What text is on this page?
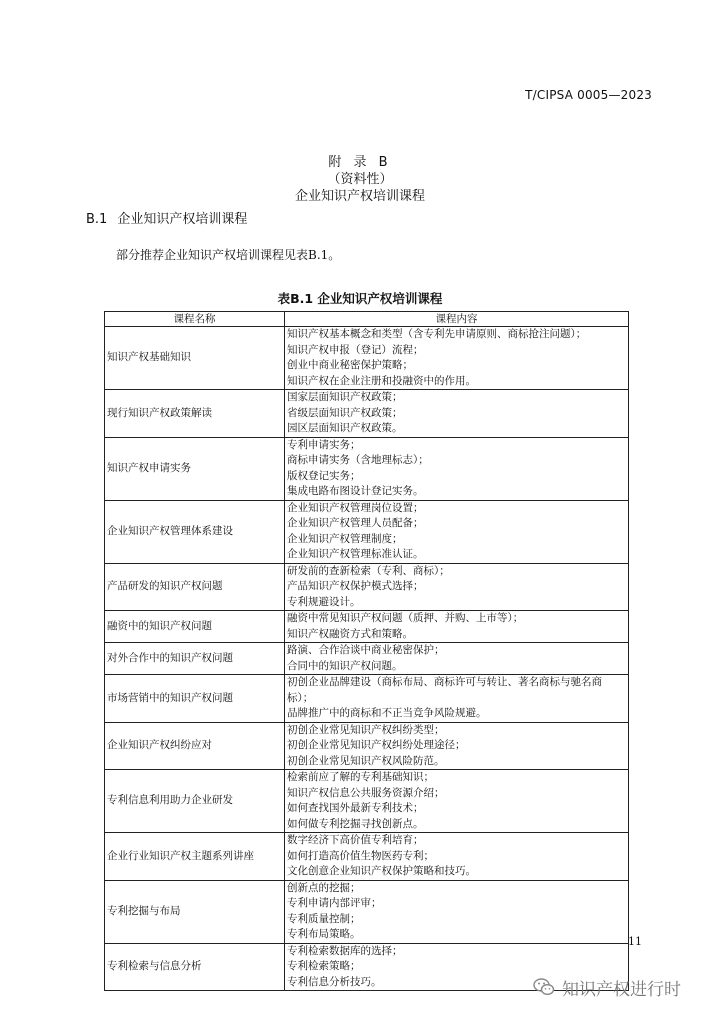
T/CIPSA 0005—2023
附 录 B
（资料性）
企业知识产权培训课程
B.1 企业知识产权培训课程
部分推荐企业知识产权培训课程见表B.1。
表B.1 企业知识产权培训课程
课程名称	课程内容
知识产权基础知识	知识产权基本概念和类型（含专利先申请原则、商标抢注问题）；
知识产权申报（登记）流程；
创业中商业秘密保护策略；
知识产权在企业注册和投融资中的作用。

现行知识产权政策解读	国家层面知识产权政策；
省级层面知识产权政策；
园区层面知识产权政策。

知识产权申请实务	专利申请实务；
商标申请实务（含地理标志）；
版权登记实务；
集成电路布图设计登记实务。

企业知识产权管理体系建设	企业知识产权管理岗位设置；
企业知识产权管理人员配备；
企业知识产权管理制度；
企业知识产权管理标准认证。

产品研发的知识产权问题	研发前的查新检索（专利、商标）；
产品知识产权保护模式选择；
专利规避设计。

融资中的知识产权问题	融资中常见知识产权问题（质押、并购、上市等）；
知识产权融资方式和策略。

对外合作中的知识产权问题	路演、合作洽谈中商业秘密保护；
合同中的知识产权问题。

市场营销中的知识产权问题	初创企业品牌建设（商标布局、商标许可与转让、著名商标与驰名商
标）；
品牌推广中的商标和不正当竞争风险规避。

企业知识产权纠纷应对	初创企业常见知识产权纠纷类型；
初创企业常见知识产权纠纷处理途径；
初创企业常见知识产权风险防范。

专利信息利用助力企业研发	检索前应了解的专利基础知识；
知识产权信息公共服务资源介绍；
如何查找国外最新专利技术；
如何做专利挖掘寻找创新点。

企业行业知识产权主题系列讲座	数字经济下高价值专利培育；
如何打造高价值生物医药专利；
文化创意企业知识产权保护策略和技巧。

专利挖掘与布局	创新点的挖掘；
专利申请内部评审；
专利质量控制；
专利布局策略。

专利检索与信息分析	专利检索数据库的选择；
专利检索策略；
专利信息分析技巧。
11
知识产权进行时
